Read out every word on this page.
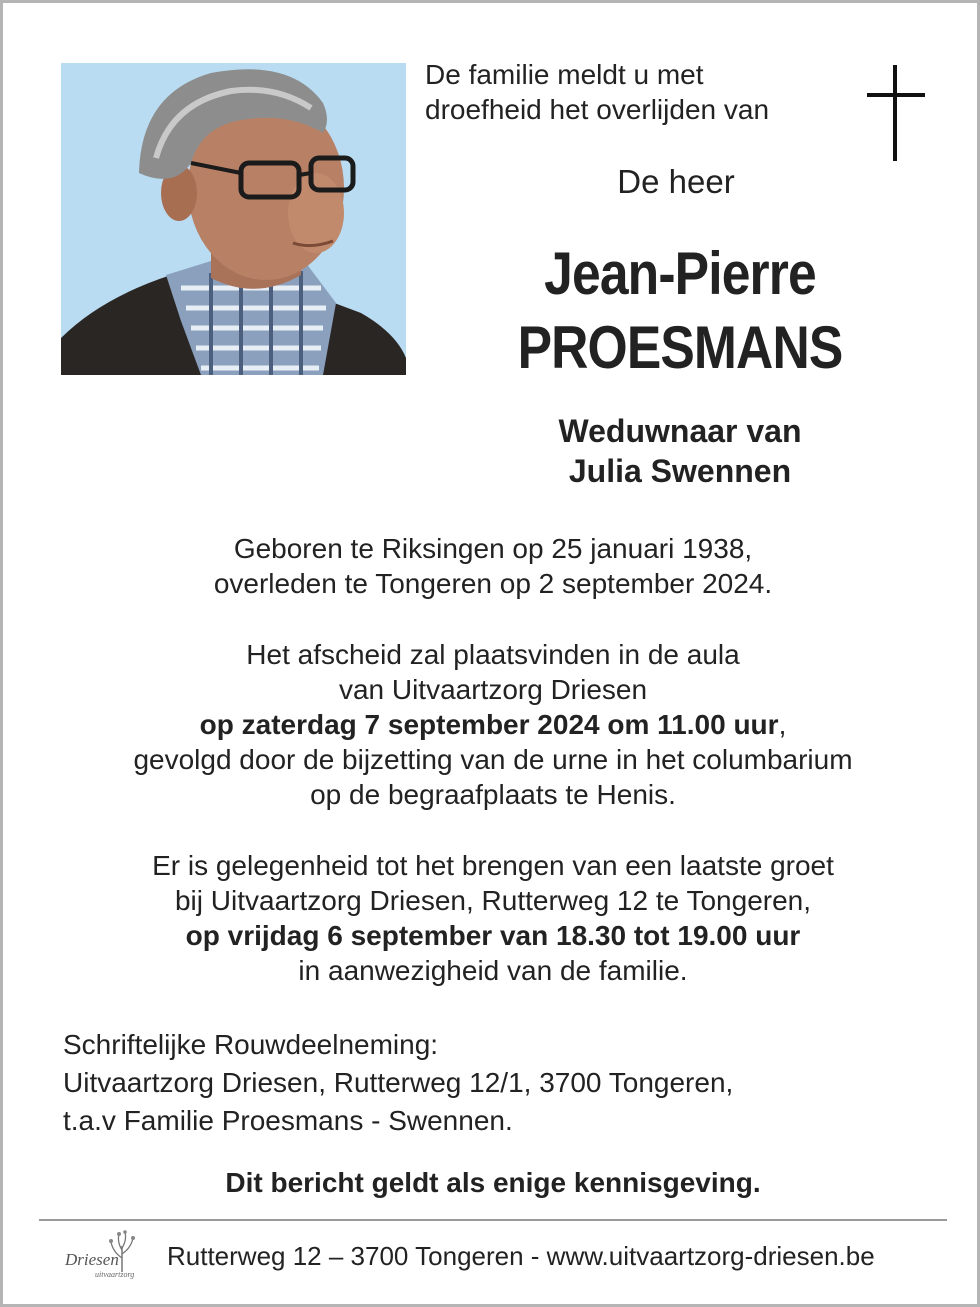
De familie meldt u met
droefheid het overlijden van
De heer
Jean-Pierre
PROESMANS
Weduwnaar van
Julia Swennen
Geboren te Riksingen op 25 januari 1938,
overleden te Tongeren op 2 september 2024.
Het afscheid zal plaatsvinden in de aula
van Uitvaartzorg Driesen
op zaterdag 7 september 2024 om 11.00 uur,
gevolgd door de bijzetting van de urne in het columbarium
op de begraafplaats te Henis.
Er is gelegenheid tot het brengen van een laatste groet
bij Uitvaartzorg Driesen, Rutterweg 12 te Tongeren,
op vrijdag 6 september van 18.30 tot 19.00 uur
in aanwezigheid van de familie.
Schriftelijke Rouwdeelneming:
Uitvaartzorg Driesen, Rutterweg 12/1, 3700 Tongeren,
t.a.v Familie Proesmans - Swennen.
Dit bericht geldt als enige kennisgeving.
Driesen
uitvaartzorg
Rutterweg 12 – 3700 Tongeren - www.uitvaartzorg-driesen.be
